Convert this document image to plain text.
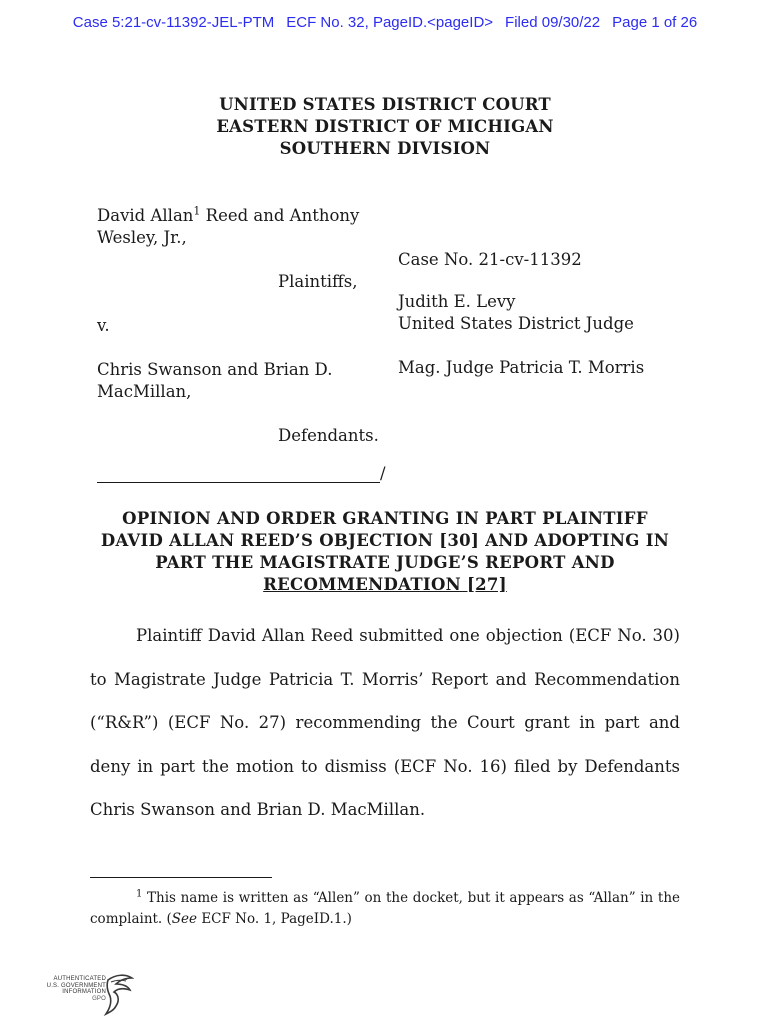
Case 5:21-cv-11392-JEL-PTM ECF No. 32, PageID.<pageID> Filed 09/30/22 Page 1 of 26
UNITED STATES DISTRICT COURT
EASTERN DISTRICT OF MICHIGAN
SOUTHERN DIVISION
David Allan$^1$ Reed and Anthony
Wesley, Jr.,
Plaintiffs,
v.
Chris Swanson and Brian D.
MacMillan,
Defendants.
Case No. 21-cv-11392
Judith E. Levy
United States District Judge
Mag. Judge Patricia T. Morris
/
OPINION AND ORDER GRANTING IN PART PLAINTIFF
DAVID ALLAN REED’S OBJECTION [30] AND ADOPTING IN
PART THE MAGISTRATE JUDGE’S REPORT AND
RECOMMENDATION [27]
Plaintiff David Allan Reed submitted one objection (ECF No. 30) to Magistrate Judge Patricia T. Morris’ Report and Recommendation (“R&R”) (ECF No. 27) recommending the Court grant in part and deny in part the motion to dismiss (ECF No. 16) filed by Defendants Chris Swanson and Brian D. MacMillan.
$^1$ This name is written as “Allen” on the docket, but it appears as “Allan” in the complaint. (See ECF No. 1, PageID.1.)
AUTHENTICATED
U.S. GOVERNMENT
INFORMATION
GPO
